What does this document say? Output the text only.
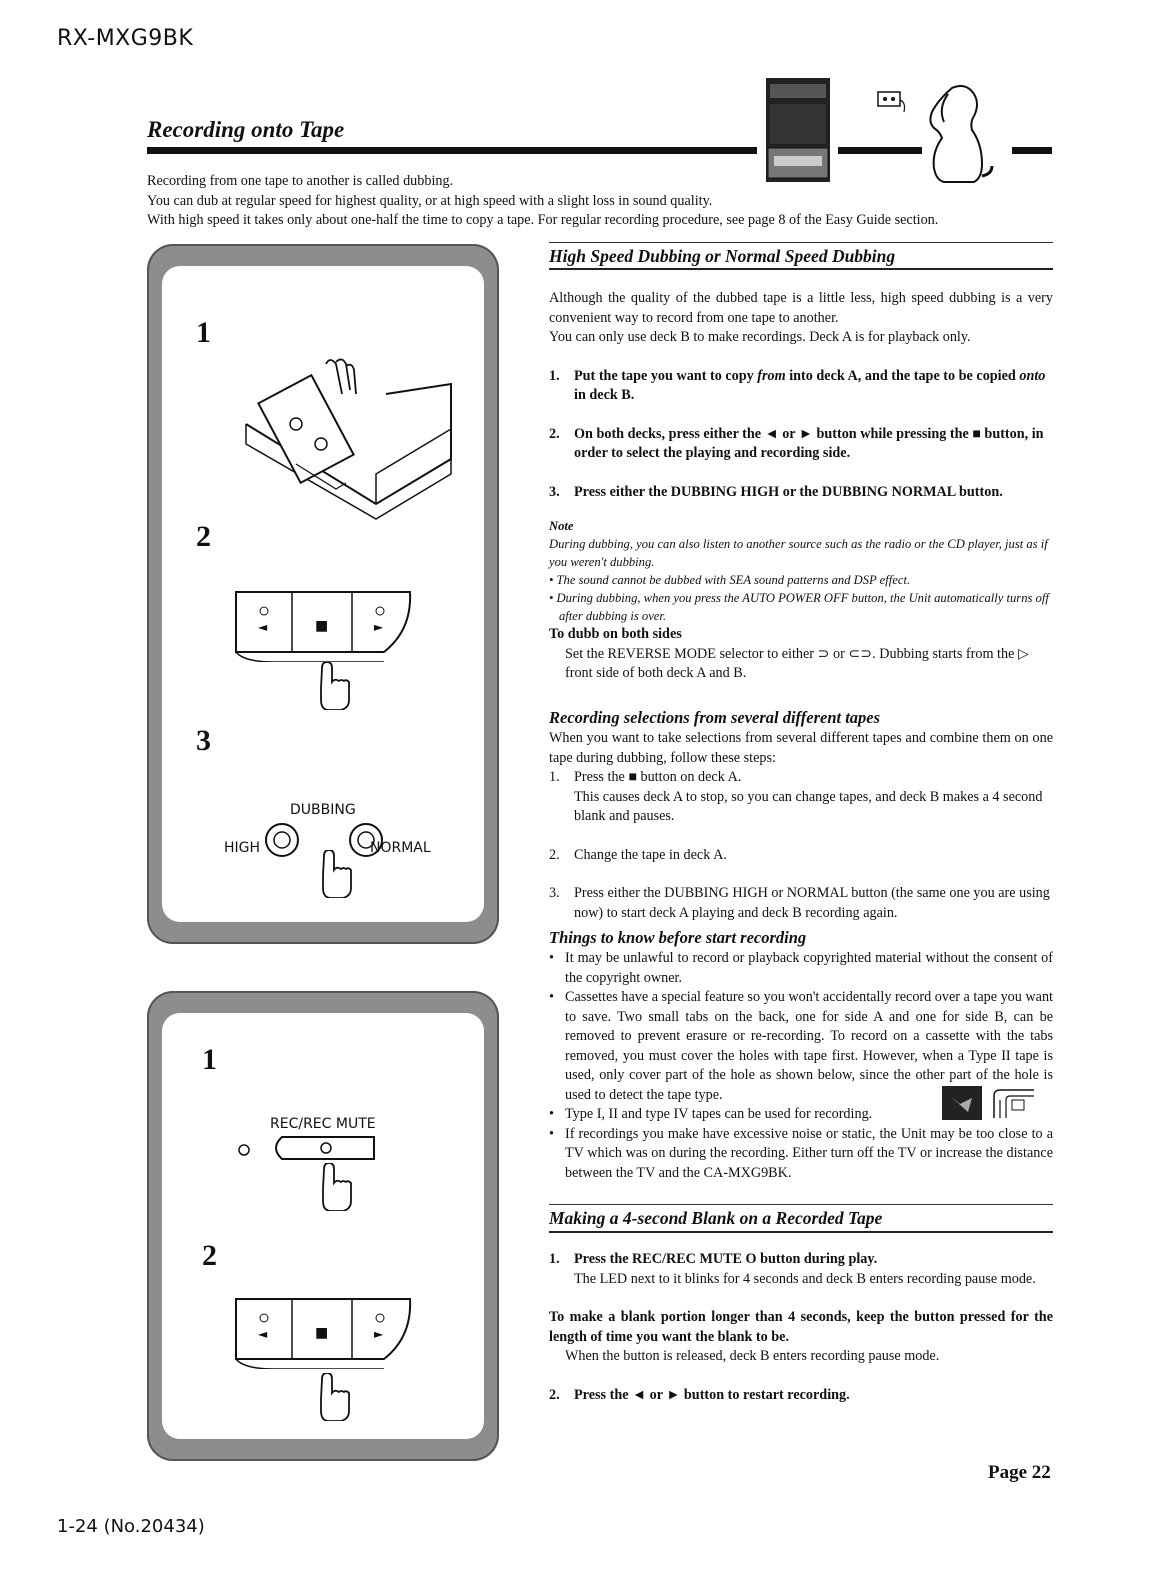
RX-MXG9BK
Recording onto Tape

Recording from one tape to another is called dubbing.

You can dub at regular speed for highest quality, or at high speed with a slight loss in sound quality.

With high speed it takes only about one-half the time to copy a tape. For regular recording procedure, see page 8 of the Easy Guide section.

1
2
3
◄	■	►
DUBBING
HIGH	NORMAL
1
2
REC/REC MUTE
◄	■	►
High Speed Dubbing or Normal Speed Dubbing

Although the quality of the dubbed tape is a little less, high speed dubbing is a very convenient way to record from one tape to another.

You can only use deck B to make recordings. Deck A is for playback only.

1.	Put the tape you want to copy from into deck A, and the tape to be copied onto in deck B.
2.	On both decks, press either the ◄ or ► button while pressing the ■ button, in order to select the playing and recording side.
3.	Press either the DUBBING HIGH or the DUBBING NORMAL button.

Note

During dubbing, you can also listen to another source such as the radio or the CD player, just as if you weren't dubbing.

• The sound cannot be dubbed with SEA sound patterns and DSP effect.

• During dubbing, when you press the AUTO POWER OFF button, the Unit automatically turns off after dubbing is over.

To dubb on both sides

Set the REVERSE MODE selector to either ⊃ or ⊂⊃. Dubbing starts from the ▷ front side of both deck A and B.

Recording selections from several different tapes

When you want to take selections from several different tapes and combine them on one tape during dubbing, follow these steps:

1.	Press the ■ button on deck A.
This causes deck A to stop, so you can change tapes, and deck B makes a 4 second blank and pauses.
2.	Change the tape in deck A.
3.	Press either the DUBBING HIGH or NORMAL button (the same one you are using now) to start deck A playing and deck B recording again.
Things to know before start recording
• It may be unlawful to record or playback copyrighted material without the consent of the copyright owner.
• Cassettes have a special feature so you won't accidentally record over a tape you want to save. Two small tabs on the back, one for side A and one for side B, can be removed to prevent erasure or re-recording. To record on a cassette with the tabs removed, you must cover the holes with tape first. However, when a Type II tape is used, only cover part of the hole as shown below, since the other part of the hole is used to detect the tape type.
• Type I, II and type IV tapes can be used for recording.
• If recordings you make have excessive noise or static, the Unit may be too close to a TV which was on during the recording. Either turn off the TV or increase the distance between the TV and the CA-MXG9BK.
Making a 4-second Blank on a Recorded Tape
1.	Press the REC/REC MUTE O button during play.
The LED next to it blinks for 4 seconds and deck B enters recording pause mode.

To make a blank portion longer than 4 seconds, keep the button pressed for the length of time you want the blank to be.

When the button is released, deck B enters recording pause mode.

2.	Press the ◄ or ► button to restart recording.
Page 22
1-24 (No.20434)
